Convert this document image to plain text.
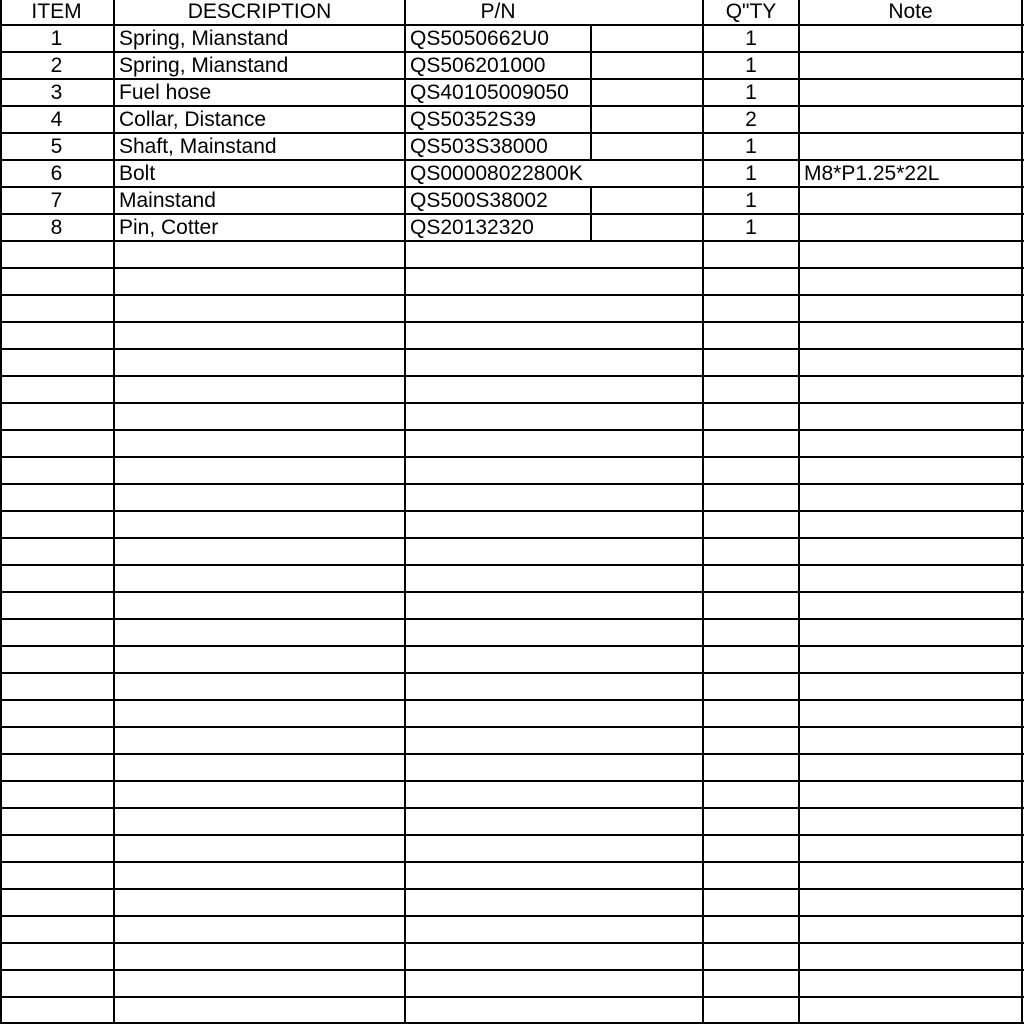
ITEM	DESCRIPTION	P/N	Q"TY	Note
1	Spring, Mianstand	QS5050662U0	1
2	Spring, Mianstand	QS506201000	1
3	Fuel hose	QS40105009050	1
4	Collar, Distance	QS50352S39	2
5	Shaft, Mainstand	QS503S38000	1
6	Bolt	QS00008022800K	1	M8*P1.25*22L
7	Mainstand	QS500S38002	1
8	Pin, Cotter	QS20132320	1
